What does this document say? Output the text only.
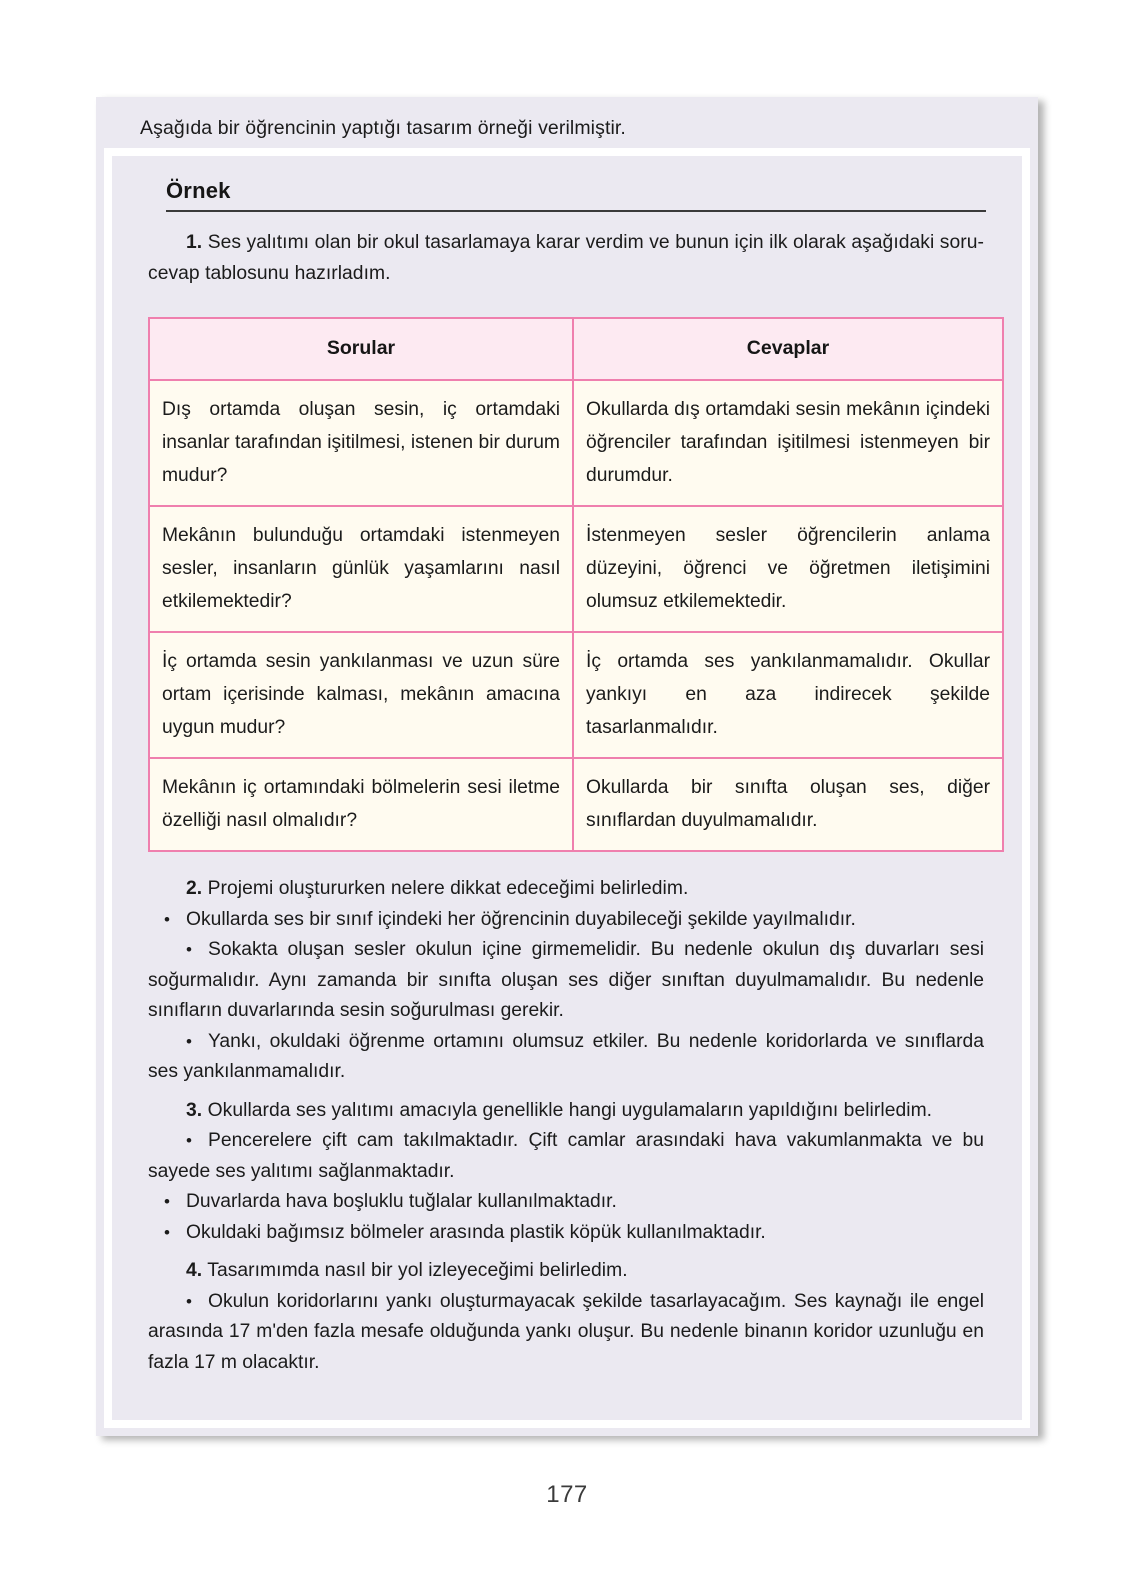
Aşağıda bir öğrencinin yaptığı tasarım örneği verilmiştir.
Örnek

1. Ses yalıtımı olan bir okul tasarlamaya karar verdim ve bunun için ilk olarak aşağıdaki soru-cevap tablosunu hazırladım.

Sorular	Cevaplar
Dış ortamda oluşan sesin, iç ortamdaki insanlar tarafından işitilmesi, istenen bir durum mudur?	Okullarda dış ortamdaki sesin mekânın içindeki öğrenciler tarafından işitilmesi istenmeyen bir durumdur.
Mekânın bulunduğu ortamdaki istenmeyen sesler, insanların günlük yaşamlarını nasıl etkilemektedir?	İstenmeyen sesler öğrencilerin anlama düzeyini, öğrenci ve öğretmen iletişimini olumsuz etkilemektedir.
İç ortamda sesin yankılanması ve uzun süre ortam içerisinde kalması, mekânın amacına uygun mudur?	İç ortamda ses yankılanmamalıdır. Okullar yankıyı en aza indirecek şekilde tasarlanmalıdır.
Mekânın iç ortamındaki bölmelerin sesi iletme özelliği nasıl olmalıdır?	Okullarda bir sınıfta oluşan ses, diğer sınıflardan duyulmamalıdır.

2. Projemi oluştururken nelere dikkat edeceğimi belirledim.

• Okullarda ses bir sınıf içindeki her öğrencinin duyabileceği şekilde yayılmalıdır.

• Sokakta oluşan sesler okulun içine girmemelidir. Bu nedenle okulun dış duvarları sesi soğurmalıdır. Aynı zamanda bir sınıfta oluşan ses diğer sınıftan duyulmamalıdır. Bu nedenle sınıfların duvarlarında sesin soğurulması gerekir.

• Yankı, okuldaki öğrenme ortamını olumsuz etkiler. Bu nedenle koridorlarda ve sınıflarda ses yankılanmamalıdır.

3. Okullarda ses yalıtımı amacıyla genellikle hangi uygulamaların yapıldığını belirledim.

• Pencerelere çift cam takılmaktadır. Çift camlar arasındaki hava vakumlanmakta ve bu sayede ses yalıtımı sağlanmaktadır.

• Duvarlarda hava boşluklu tuğlalar kullanılmaktadır.

• Okuldaki bağımsız bölmeler arasında plastik köpük kullanılmaktadır.

4. Tasarımımda nasıl bir yol izleyeceğimi belirledim.

• Okulun koridorlarını yankı oluşturmayacak şekilde tasarlayacağım. Ses kaynağı ile engel arasında 17 m'den fazla mesafe olduğunda yankı oluşur. Bu nedenle binanın koridor uzunluğu en fazla 17 m olacaktır.

177
